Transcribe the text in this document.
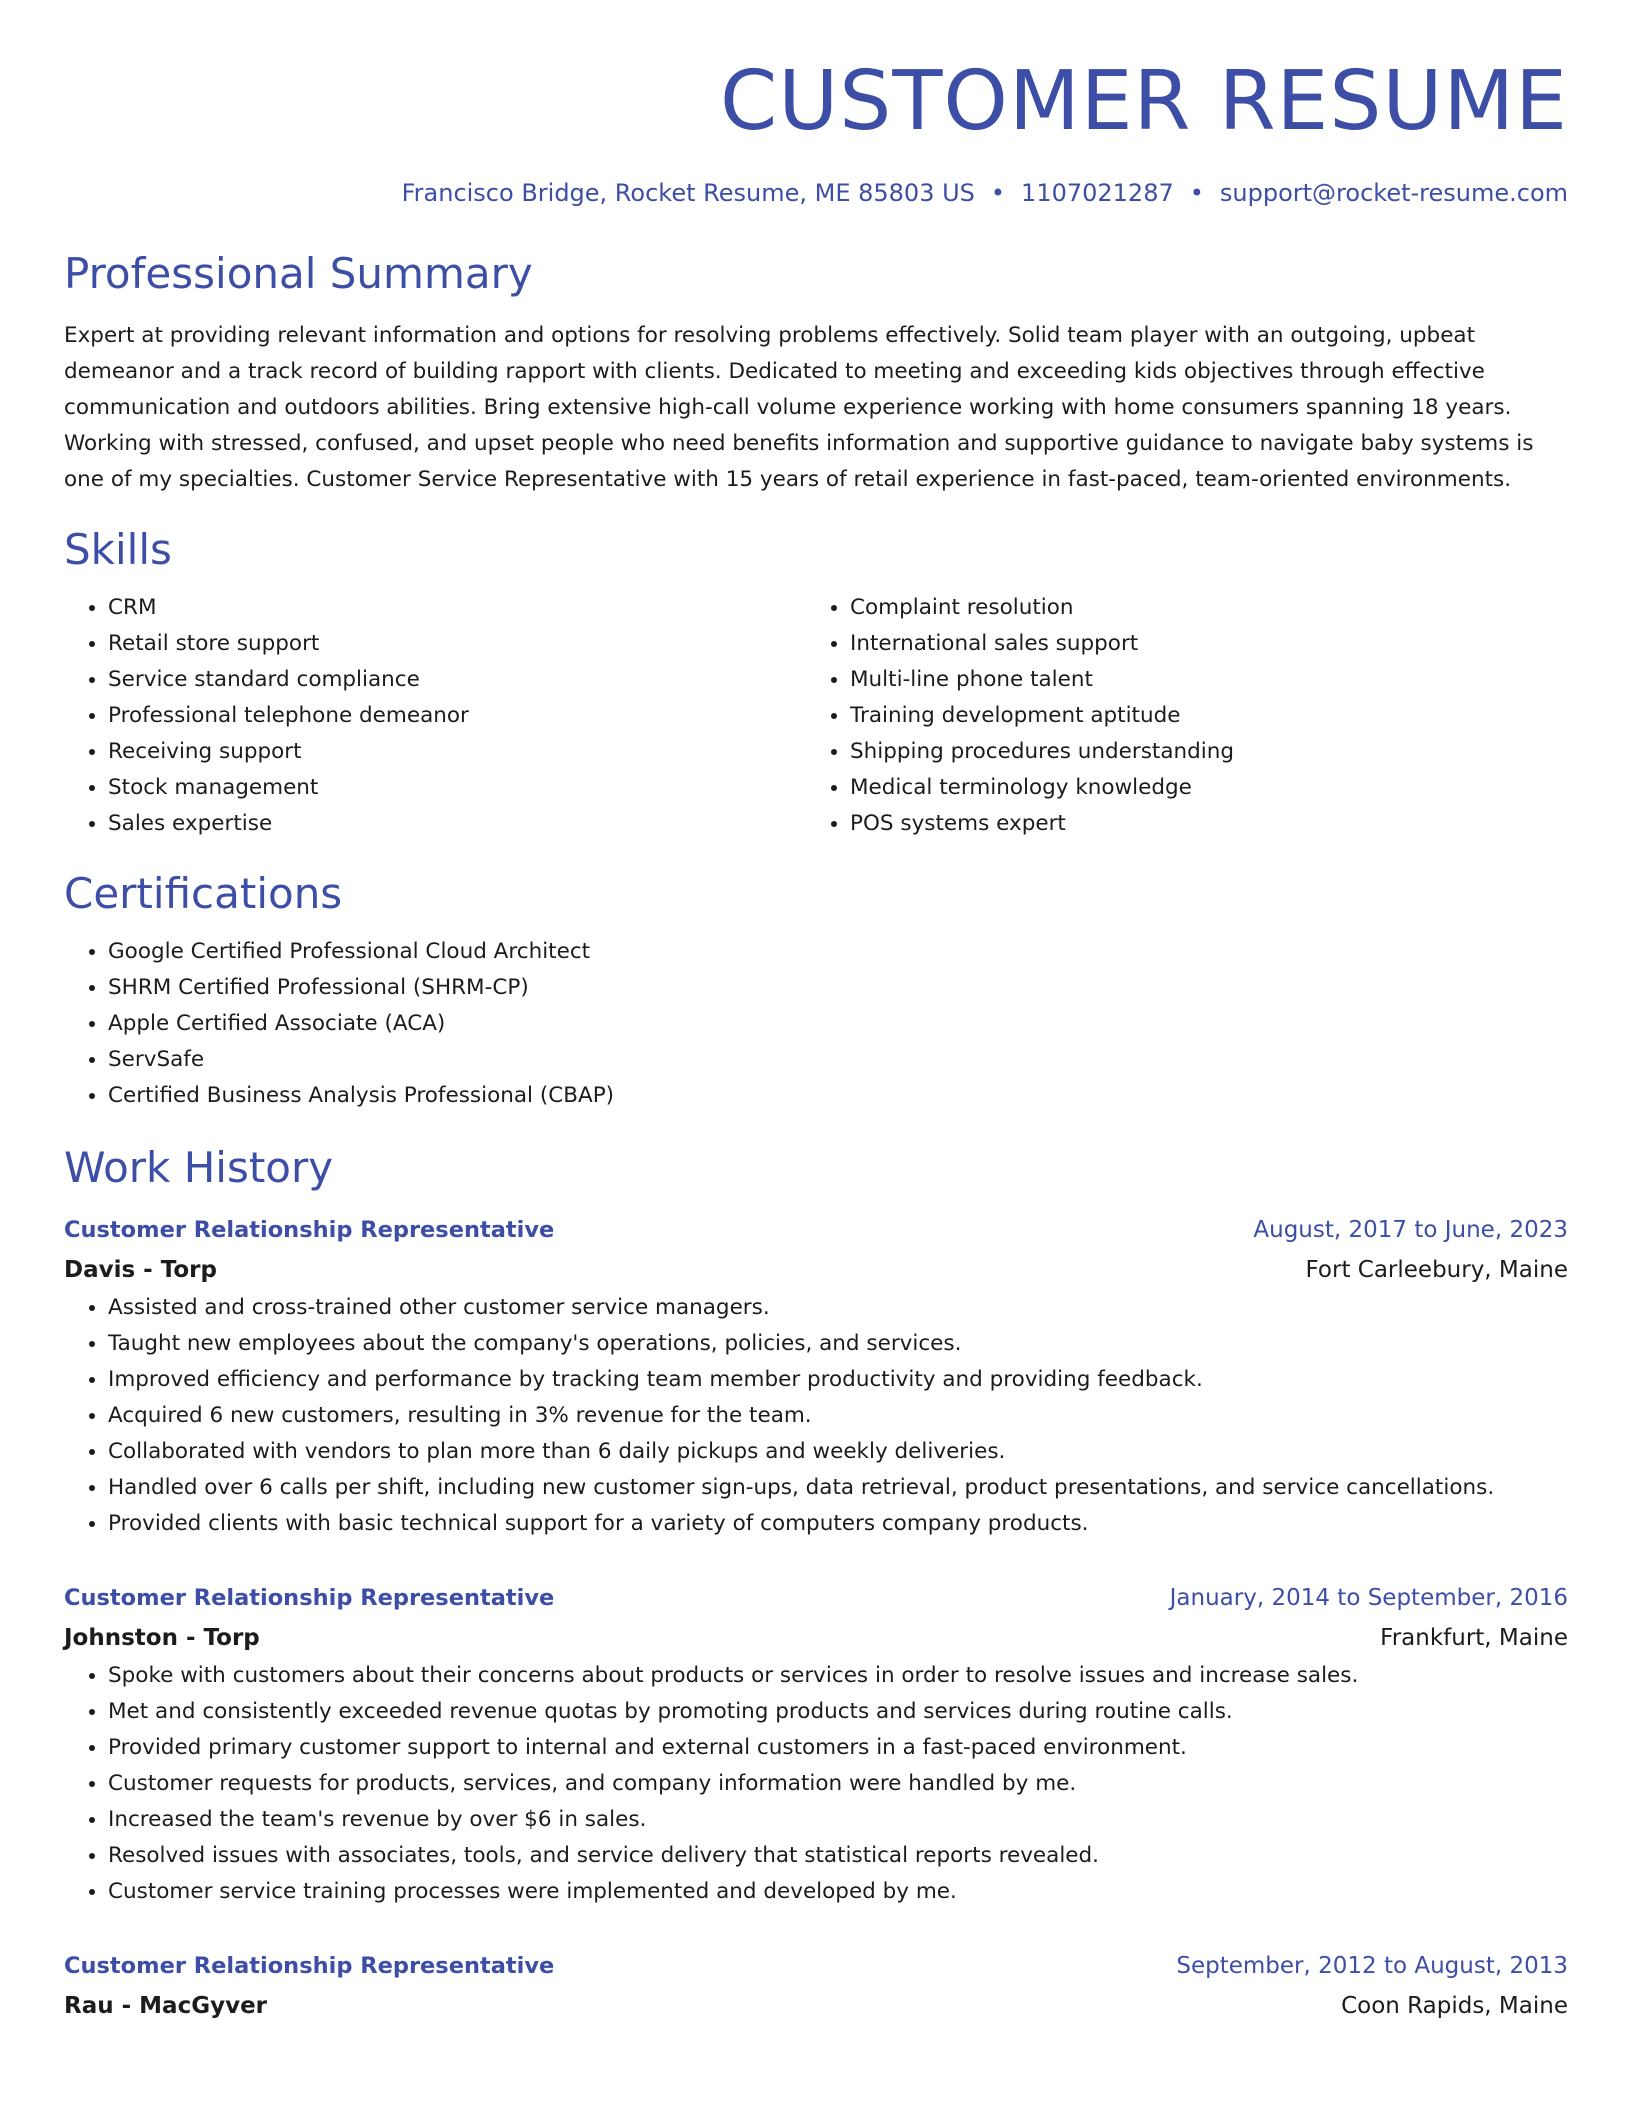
CUSTOMER RESUME
Francisco Bridge, Rocket Resume, ME 85803 US • 1107021287 • support@rocket-resume.com
Professional Summary

Expert at providing relevant information and options for resolving problems effectively. Solid team player with an outgoing, upbeat demeanor and a track record of building rapport with clients. Dedicated to meeting and exceeding kids objectives through effective communication and outdoors abilities. Bring extensive high-call volume experience working with home consumers spanning 18 years. Working with stressed, confused, and upset people who need benefits information and supportive guidance to navigate baby systems is one of my specialties. Customer Service Representative with 15 years of retail experience in fast-paced, team-oriented environments.

Skills
• CRM
• Retail store support
• Service standard compliance
• Professional telephone demeanor
• Receiving support
• Stock management
• Sales expertise
• Complaint resolution
• International sales support
• Multi-line phone talent
• Training development aptitude
• Shipping procedures understanding
• Medical terminology knowledge
• POS systems expert
Certifications
• Google Certified Professional Cloud Architect
• SHRM Certified Professional (SHRM-CP)
• Apple Certified Associate (ACA)
• ServSafe
• Certified Business Analysis Professional (CBAP)
Work History
Customer Relationship Representative	August, 2017 to June, 2023
Davis - Torp	Fort Carleebury, Maine
• Assisted and cross-trained other customer service managers.
• Taught new employees about the company's operations, policies, and services.
• Improved efficiency and performance by tracking team member productivity and providing feedback.
• Acquired 6 new customers, resulting in 3% revenue for the team.
• Collaborated with vendors to plan more than 6 daily pickups and weekly deliveries.
• Handled over 6 calls per shift, including new customer sign-ups, data retrieval, product presentations, and service cancellations.
• Provided clients with basic technical support for a variety of computers company products.
Customer Relationship Representative	January, 2014 to September, 2016
Johnston - Torp	Frankfurt, Maine
• Spoke with customers about their concerns about products or services in order to resolve issues and increase sales.
• Met and consistently exceeded revenue quotas by promoting products and services during routine calls.
• Provided primary customer support to internal and external customers in a fast-paced environment.
• Customer requests for products, services, and company information were handled by me.
• Increased the team's revenue by over $6 in sales.
• Resolved issues with associates, tools, and service delivery that statistical reports revealed.
• Customer service training processes were implemented and developed by me.
Customer Relationship Representative	September, 2012 to August, 2013
Rau - MacGyver	Coon Rapids, Maine
